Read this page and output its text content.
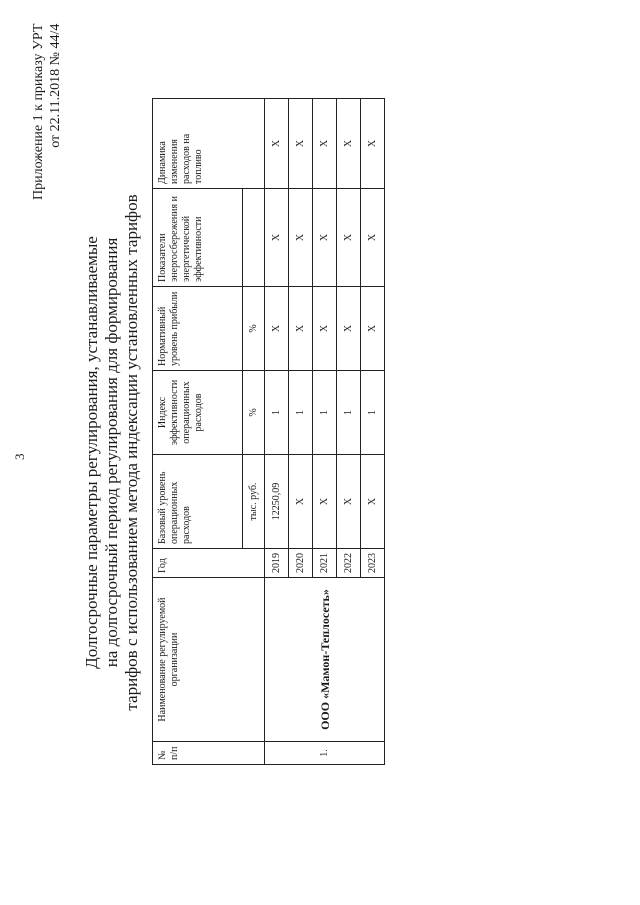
3
Приложение 1 к приказу УРТ от 22.11.2018 № 44/4
Долгосрочные параметры регулирования, устанавливаемые на долгосрочный период регулирования для формирования тарифов с использованием метода индексации установленных тарифов
№ п/п	Наименование регулируемой организации	Год	Базовый уровень операционных расходов	Индекс эффективности операционных расходов	Нормативный уровень прибыли	Показатели энергосбережения и энергетической эффективности	Динамика изменения расходов на топливо
			тыс. руб.	%	%		
1.	ООО «Мамон-Теплосеть»	2019	12250,09	1	X	X	X
		2020	X	1	X	X	X
		2021	X	1	X	X	X
		2022	X	1	X	X	X
		2023	X	1	X	X	X
